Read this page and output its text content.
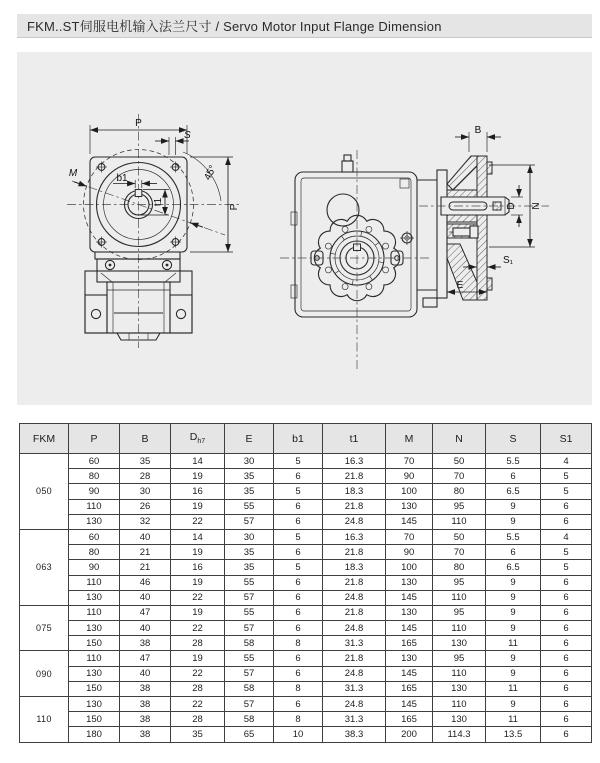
FKM..ST伺服电机输入法兰尺寸 / Servo Motor Input Flange Dimension
P
S
45°
P
M	b1
t1
B
N
D
S₁
E
FKM	P	B	$D_{h7}$	E	b1	t1	M	N	S	S1
050	60	35	14	30	5	16.3	70	50	5.5	4
	80	28	19	35	6	21.8	90	70	6	5
	90	30	16	35	5	18.3	100	80	6.5	5
	110	26	19	55	6	21.8	130	95	9	6
	130	32	22	57	6	24.8	145	110	9	6
063	60	40	14	30	5	16.3	70	50	5.5	4
	80	21	19	35	6	21.8	90	70	6	5
	90	21	16	35	5	18.3	100	80	6.5	5
	110	46	19	55	6	21.8	130	95	9	6
	130	40	22	57	6	24.8	145	110	9	6
075	110	47	19	55	6	21.8	130	95	9	6
	130	40	22	57	6	24.8	145	110	9	6
	150	38	28	58	8	31.3	165	130	11	6
090	110	47	19	55	6	21.8	130	95	9	6
	130	40	22	57	6	24.8	145	110	9	6
	150	38	28	58	8	31.3	165	130	11	6
110	130	38	22	57	6	24.8	145	110	9	6
	150	38	28	58	8	31.3	165	130	11	6
	180	38	35	65	10	38.3	200	114.3	13.5	6
